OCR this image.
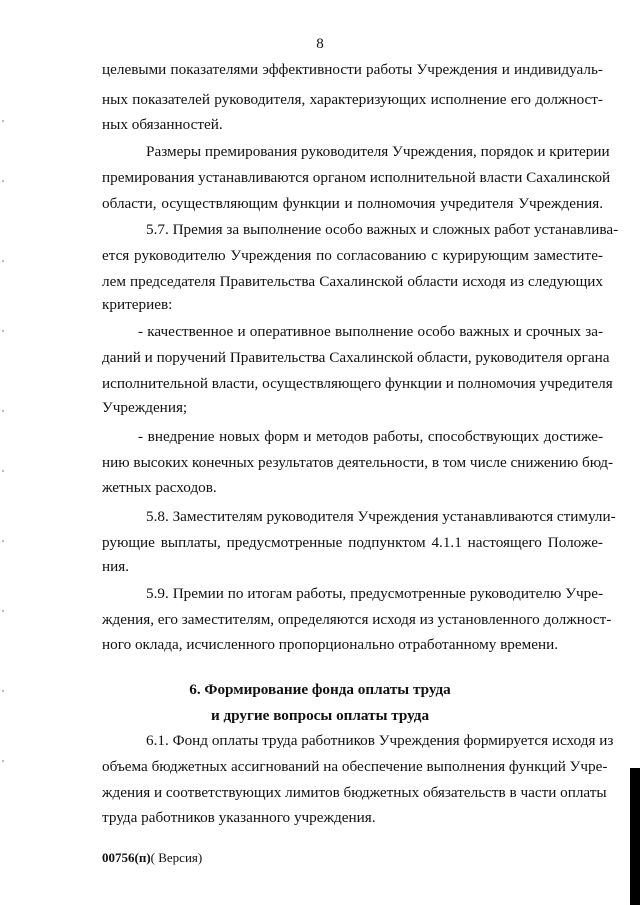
8
целевыми показателями эффективности работы Учреждения и индивидуаль-
ных показателей руководителя, характеризующих исполнение его должност-
ных обязанностей.
Размеры премирования руководителя Учреждения, порядок и критерии
премирования устанавливаются органом исполнительной власти Сахалинской
области, осуществляющим функции и полномочия учредителя Учреждения.
5.7. Премия за выполнение особо важных и сложных работ устанавлива-
ется руководителю Учреждения по согласованию с курирующим заместите-
лем председателя Правительства Сахалинской области исходя из следующих
критериев:
- качественное и оперативное выполнение особо важных и срочных за-
даний и поручений Правительства Сахалинской области, руководителя органа
исполнительной власти, осуществляющего функции и полномочия учредителя
Учреждения;
- внедрение новых форм и методов работы, способствующих достиже-
нию высоких конечных результатов деятельности, в том числе снижению бюд-
жетных расходов.
5.8. Заместителям руководителя Учреждения устанавливаются стимули-
рующие выплаты, предусмотренные подпунктом 4.1.1 настоящего Положе-
ния.
5.9. Премии по итогам работы, предусмотренные руководителю Учре-
ждения, его заместителям, определяются исходя из установленного должност-
ного оклада, исчисленного пропорционально отработанному времени.
6. Формирование фонда оплаты труда
и другие вопросы оплаты труда
6.1. Фонд оплаты труда работников Учреждения формируется исходя из
объема бюджетных ассигнований на обеспечение выполнения функций Учре-
ждения и соответствующих лимитов бюджетных обязательств в части оплаты
труда работников указанного учреждения.
00756(п)( Версия)
